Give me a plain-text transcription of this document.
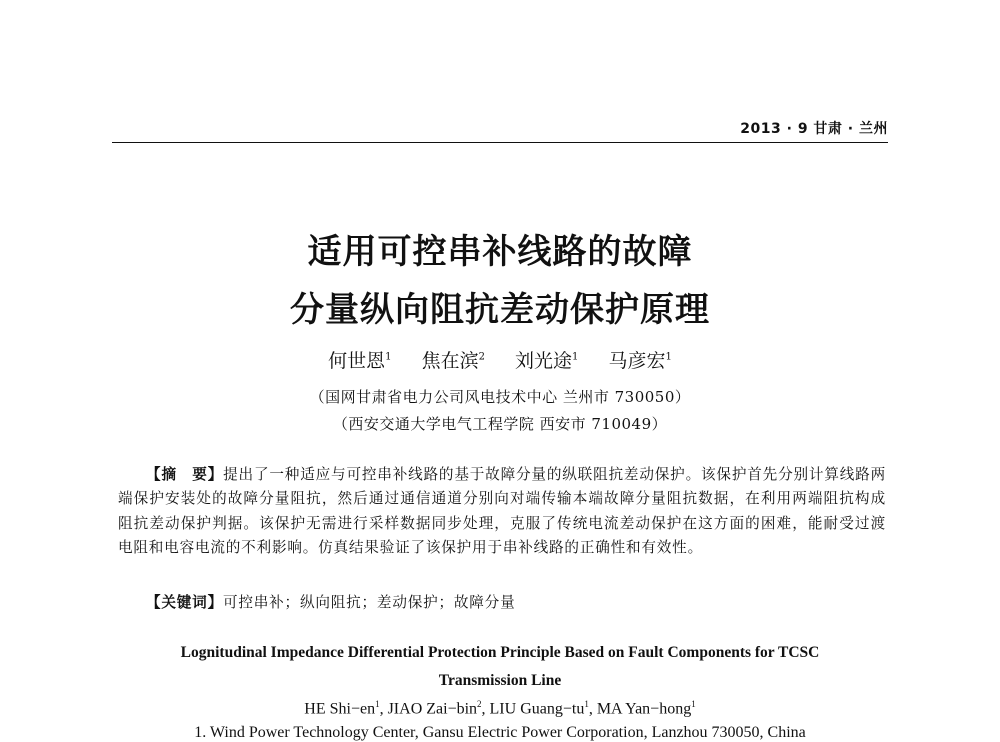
2013 · 9 甘肃 · 兰州
适用可控串补线路的故障
分量纵向阻抗差动保护原理
何世恩$^1$ 焦在滨$^2$ 刘光途$^1$ 马彦宏$^1$
（国网甘肃省电力公司风电技术中心 兰州市 730050）
（西安交通大学电气工程学院 西安市 710049）
【摘　要】提出了一种适应与可控串补线路的基于故障分量的纵联阻抗差动保护。该保护首先分别计算线路两端保护安装处的故障分量阻抗，然后通过通信通道分别向对端传输本端故障分量阻抗数据，在利用两端阻抗构成阻抗差动保护判据。该保护无需进行采样数据同步处理，克服了传统电流差动保护在这方面的困难，能耐受过渡电阻和电容电流的不利影响。仿真结果验证了该保护用于串补线路的正确性和有效性。
【关键词】可控串补；纵向阻抗；差动保护；故障分量
Lognitudinal Impedance Differential Protection Principle Based on Fault Components for TCSC
Transmission Line
HE $Shi-en^1$, JIAO Zai−bin$^2$, LIU $Guang-tu^1$, MA Yan−hong$^1$
1. Wind Power Technology Center, Gansu Electric Power Corporation, Lanzhou 730050, China
